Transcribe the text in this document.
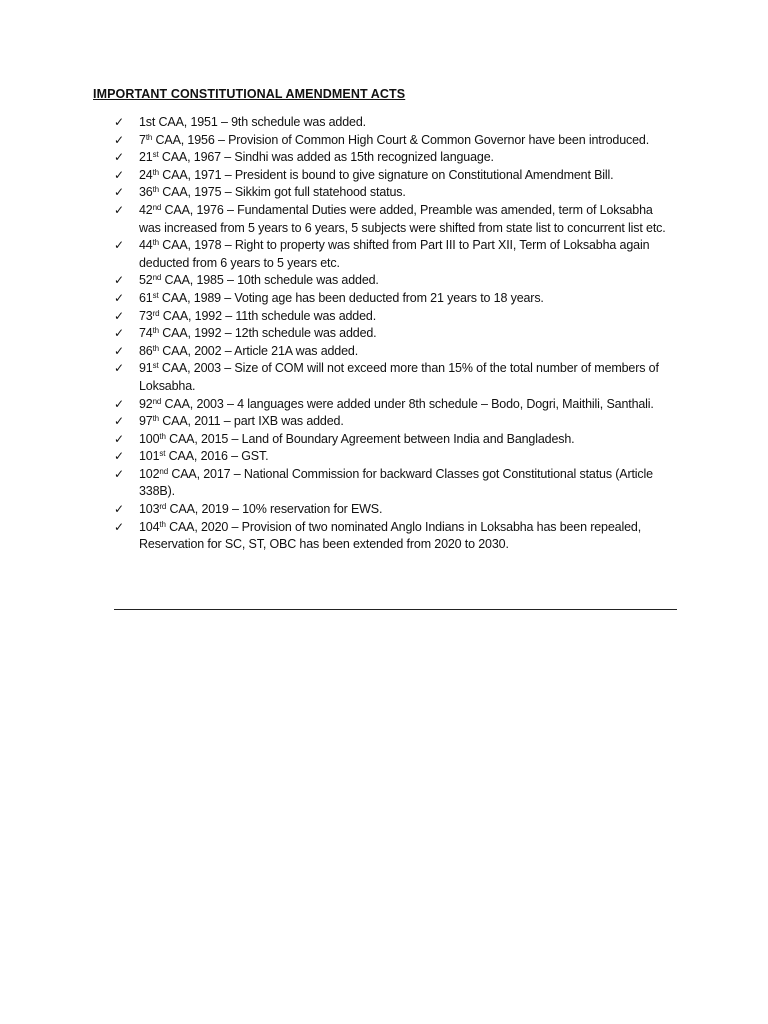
IMPORTANT CONSTITUTIONAL AMENDMENT ACTS
✓ 1st CAA, 1951 – 9th schedule was added.
✓ 7th CAA, 1956 – Provision of Common High Court & Common Governor have been introduced.
✓ 21st CAA, 1967 – Sindhi was added as 15th recognized language.
✓ 24th CAA, 1971 – President is bound to give signature on Constitutional Amendment Bill.
✓ 36th CAA, 1975 – Sikkim got full statehood status.
✓ 42nd CAA, 1976 – Fundamental Duties were added, Preamble was amended, term of Loksabha was increased from 5 years to 6 years, 5 subjects were shifted from state list to concurrent list etc.
✓ 44th CAA, 1978 – Right to property was shifted from Part III to Part XII, Term of Loksabha again deducted from 6 years to 5 years etc.
✓ 52nd CAA, 1985 – 10th schedule was added.
✓ 61st CAA, 1989 – Voting age has been deducted from 21 years to 18 years.
✓ 73rd CAA, 1992 – 11th schedule was added.
✓ 74th CAA, 1992 – 12th schedule was added.
✓ 86th CAA, 2002 – Article 21A was added.
✓ 91st CAA, 2003 – Size of COM will not exceed more than 15% of the total number of members of Loksabha.
✓ 92nd CAA, 2003 – 4 languages were added under 8th schedule – Bodo, Dogri, Maithili, Santhali.
✓ 97th CAA, 2011 – part IXB was added.
✓ 100th CAA, 2015 – Land of Boundary Agreement between India and Bangladesh.
✓ 101st CAA, 2016 – GST.
✓ 102nd CAA, 2017 – National Commission for backward Classes got Constitutional status (Article 338B).
✓ 103rd CAA, 2019 – 10% reservation for EWS.
✓ 104th CAA, 2020 – Provision of two nominated Anglo Indians in Loksabha has been repealed, Reservation for SC, ST, OBC has been extended from 2020 to 2030.
